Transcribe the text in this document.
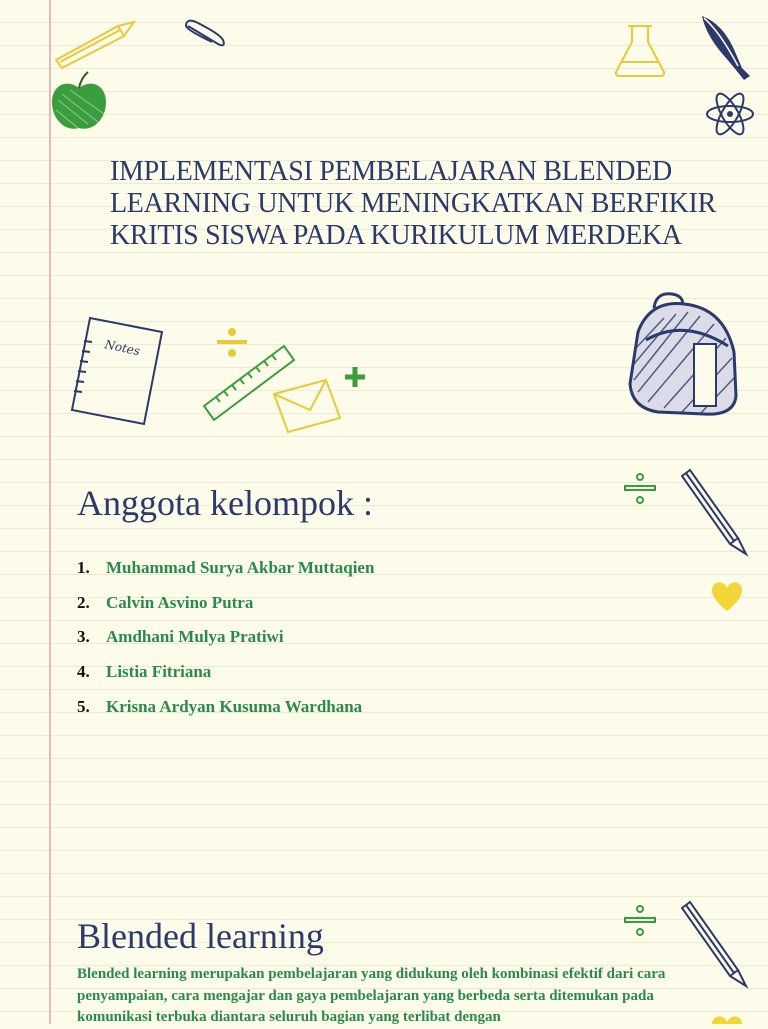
IMPLEMENTASI PEMBELAJARAN BLENDED LEARNING UNTUK MENINGKATKAN BERFIKIR KRITIS SISWA PADA KURIKULUM MERDEKA
Notes
Anggota kelompok :
1. Muhammad Surya Akbar Muttaqien
2. Calvin Asvino Putra
3. Amdhani Mulya Pratiwi
4. Listia Fitriana
5. Krisna Ardyan Kusuma Wardhana
Blended learning

Blended learning merupakan pembelajaran yang didukung oleh kombinasi efektif dari cara penyampaian, cara mengajar dan gaya pembelajaran yang berbeda serta ditemukan pada komunikasi terbuka diantara seluruh bagian yang terlibat dengan
